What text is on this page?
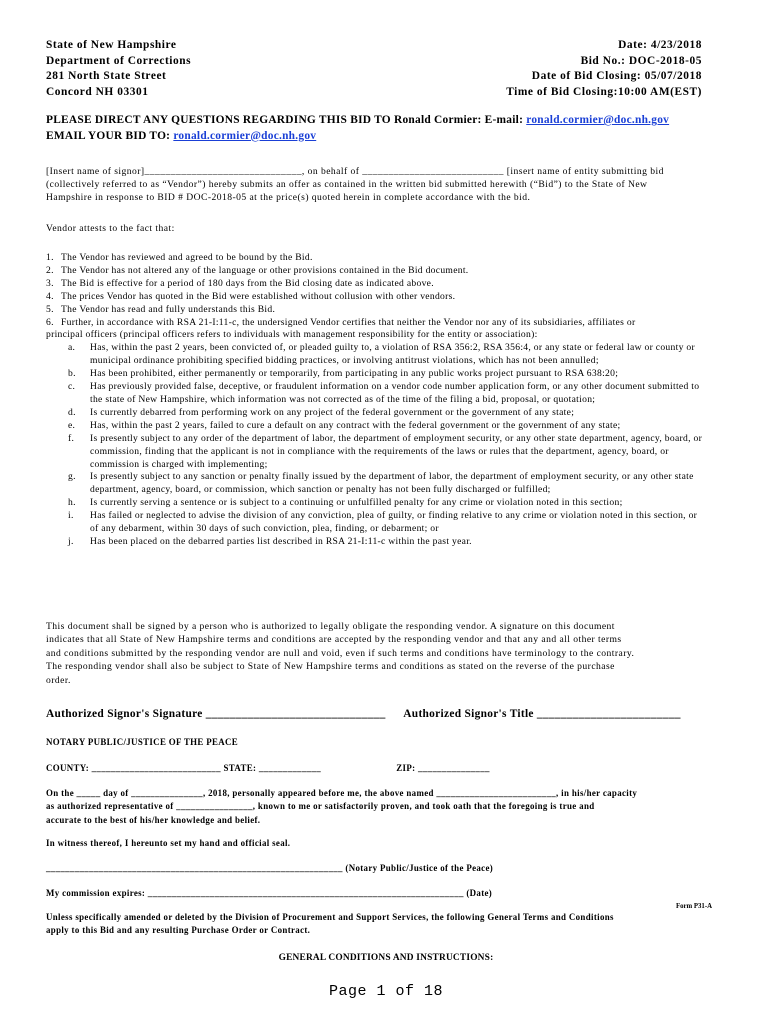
State of New Hampshire
Department of Corrections
281 North State Street
Concord NH 03301
Date: 4/23/2018
Bid No.: DOC-2018-05
Date of Bid Closing: 05/07/2018
Time of Bid Closing:10:00 AM(EST)
PLEASE DIRECT ANY QUESTIONS REGARDING THIS BID TO Ronald Cormier: E-mail: ronald.cormier@doc.nh.gov
EMAIL YOUR BID TO: ronald.cormier@doc.nh.gov
[Insert name of signor]______________________________, on behalf of ___________________________ [insert name of entity submitting bid
(collectively referred to as “Vendor”) hereby submits an offer as contained in the written bid submitted herewith (“Bid”) to the State of New
Hampshire in response to BID # DOC-2018-05 at the price(s) quoted herein in complete accordance with the bid.
Vendor attests to the fact that:
1. The Vendor has reviewed and agreed to be bound by the Bid.
2. The Vendor has not altered any of the language or other provisions contained in the Bid document.
3. The Bid is effective for a period of 180 days from the Bid closing date as indicated above.
4. The prices Vendor has quoted in the Bid were established without collusion with other vendors.
5. The Vendor has read and fully understands this Bid.
6. Further, in accordance with RSA 21-I:11-c, the undersigned Vendor certifies that neither the Vendor nor any of its subsidiaries, affiliates or
principal officers (principal officers refers to individuals with management responsibility for the entity or association):
a. Has, within the past 2 years, been convicted of, or pleaded guilty to, a violation of RSA 356:2, RSA 356:4, or any state or federal law or county or municipal ordinance prohibiting specified bidding practices, or involving antitrust violations, which has not been annulled;
b. Has been prohibited, either permanently or temporarily, from participating in any public works project pursuant to RSA 638:20;
c. Has previously provided false, deceptive, or fraudulent information on a vendor code number application form, or any other document submitted to the state of New Hampshire, which information was not corrected as of the time of the filing a bid, proposal, or quotation;
d. Is currently debarred from performing work on any project of the federal government or the government of any state;
e. Has, within the past 2 years, failed to cure a default on any contract with the federal government or the government of any state;
f. Is presently subject to any order of the department of labor, the department of employment security, or any other state department, agency, board, or commission, finding that the applicant is not in compliance with the requirements of the laws or rules that the department, agency, board, or commission is charged with implementing;
g. Is presently subject to any sanction or penalty finally issued by the department of labor, the department of employment security, or any other state department, agency, board, or commission, which sanction or penalty has not been fully discharged or fulfilled;
h. Is currently serving a sentence or is subject to a continuing or unfulfilled penalty for any crime or violation noted in this section;
i. Has failed or neglected to advise the division of any conviction, plea of guilty, or finding relative to any crime or violation noted in this section, or of any debarment, within 30 days of such conviction, plea, finding, or debarment; or
j. Has been placed on the debarred parties list described in RSA 21-I:11-c within the past year.
This document shall be signed by a person who is authorized to legally obligate the responding vendor. A signature on this document
indicates that all State of New Hampshire terms and conditions are accepted by the responding vendor and that any and all other terms
and conditions submitted by the responding vendor are null and void, even if such terms and conditions have terminology to the contrary.
The responding vendor shall also be subject to State of New Hampshire terms and conditions as stated on the reverse of the purchase
order.
Authorized Signor's Signature ______________________________ Authorized Signor's Title ________________________
NOTARY PUBLIC/JUSTICE OF THE PEACE
COUNTY: ___________________________ STATE: _____________	ZIP: _______________
On the _____ day of _______________, 2018, personally appeared before me, the above named _________________________, in his/her capacity
as authorized representative of ________________, known to me or satisfactorily proven, and took oath that the foregoing is true and
accurate to the best of his/her knowledge and belief.
In witness thereof, I hereunto set my hand and official seal.
______________________________________________________________ (Notary Public/Justice of the Peace)
My commission expires: __________________________________________________________________ (Date)
Form P31-A
Unless specifically amended or deleted by the Division of Procurement and Support Services, the following General Terms and Conditions
apply to this Bid and any resulting Purchase Order or Contract.
GENERAL CONDITIONS AND INSTRUCTIONS:
Page 1 of 18
